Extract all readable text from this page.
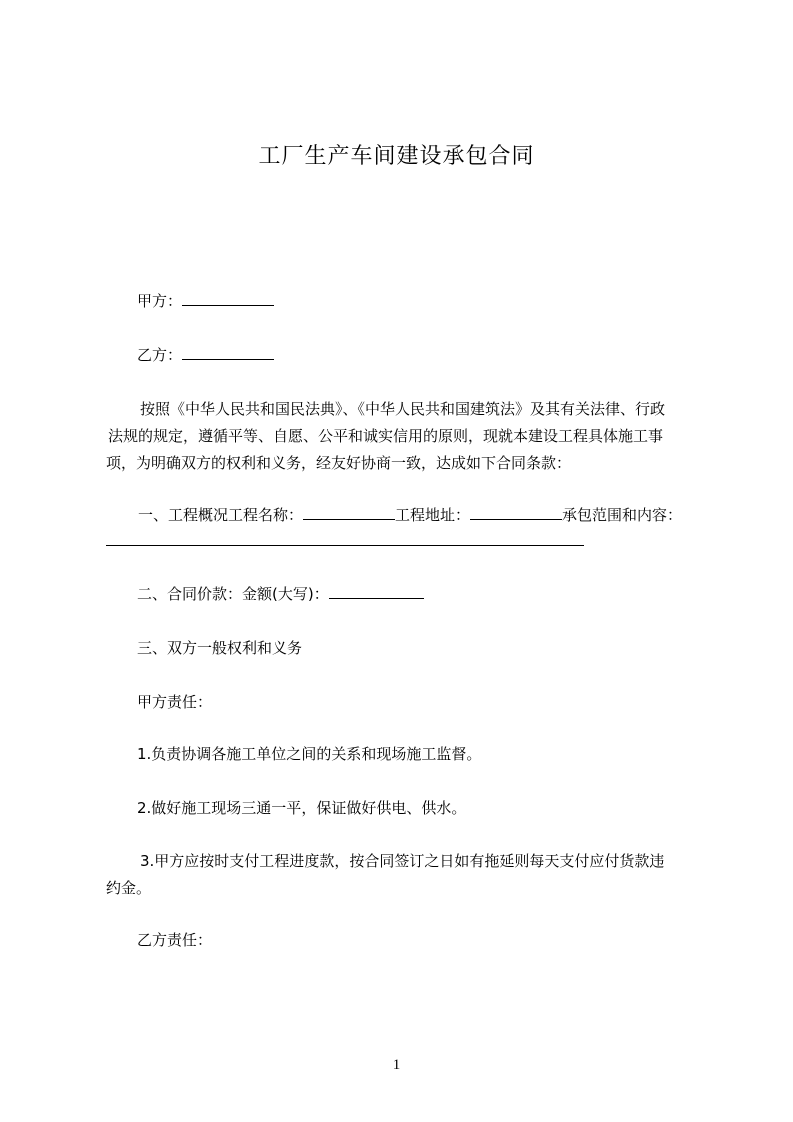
工厂生产车间建设承包合同
甲方：
乙方：
按照《中华人民共和国民法典》、《中华人民共和国建筑法》及其有关法律、行政
法规的规定，遵循平等、自愿、公平和诚实信用的原则，现就本建设工程具体施工事
项，为明确双方的权利和义务，经友好协商一致，达成如下合同条款：
一、工程概况工程名称：	工程地址：	承包范围和内容：
二、合同价款：金额(大写)：
三、双方一般权利和义务
甲方责任：
1.负责协调各施工单位之间的关系和现场施工监督。
2.做好施工现场三通一平，保证做好供电、供水。
3.甲方应按时支付工程进度款，按合同签订之日如有拖延则每天支付应付货款违
约金。
乙方责任：
1
